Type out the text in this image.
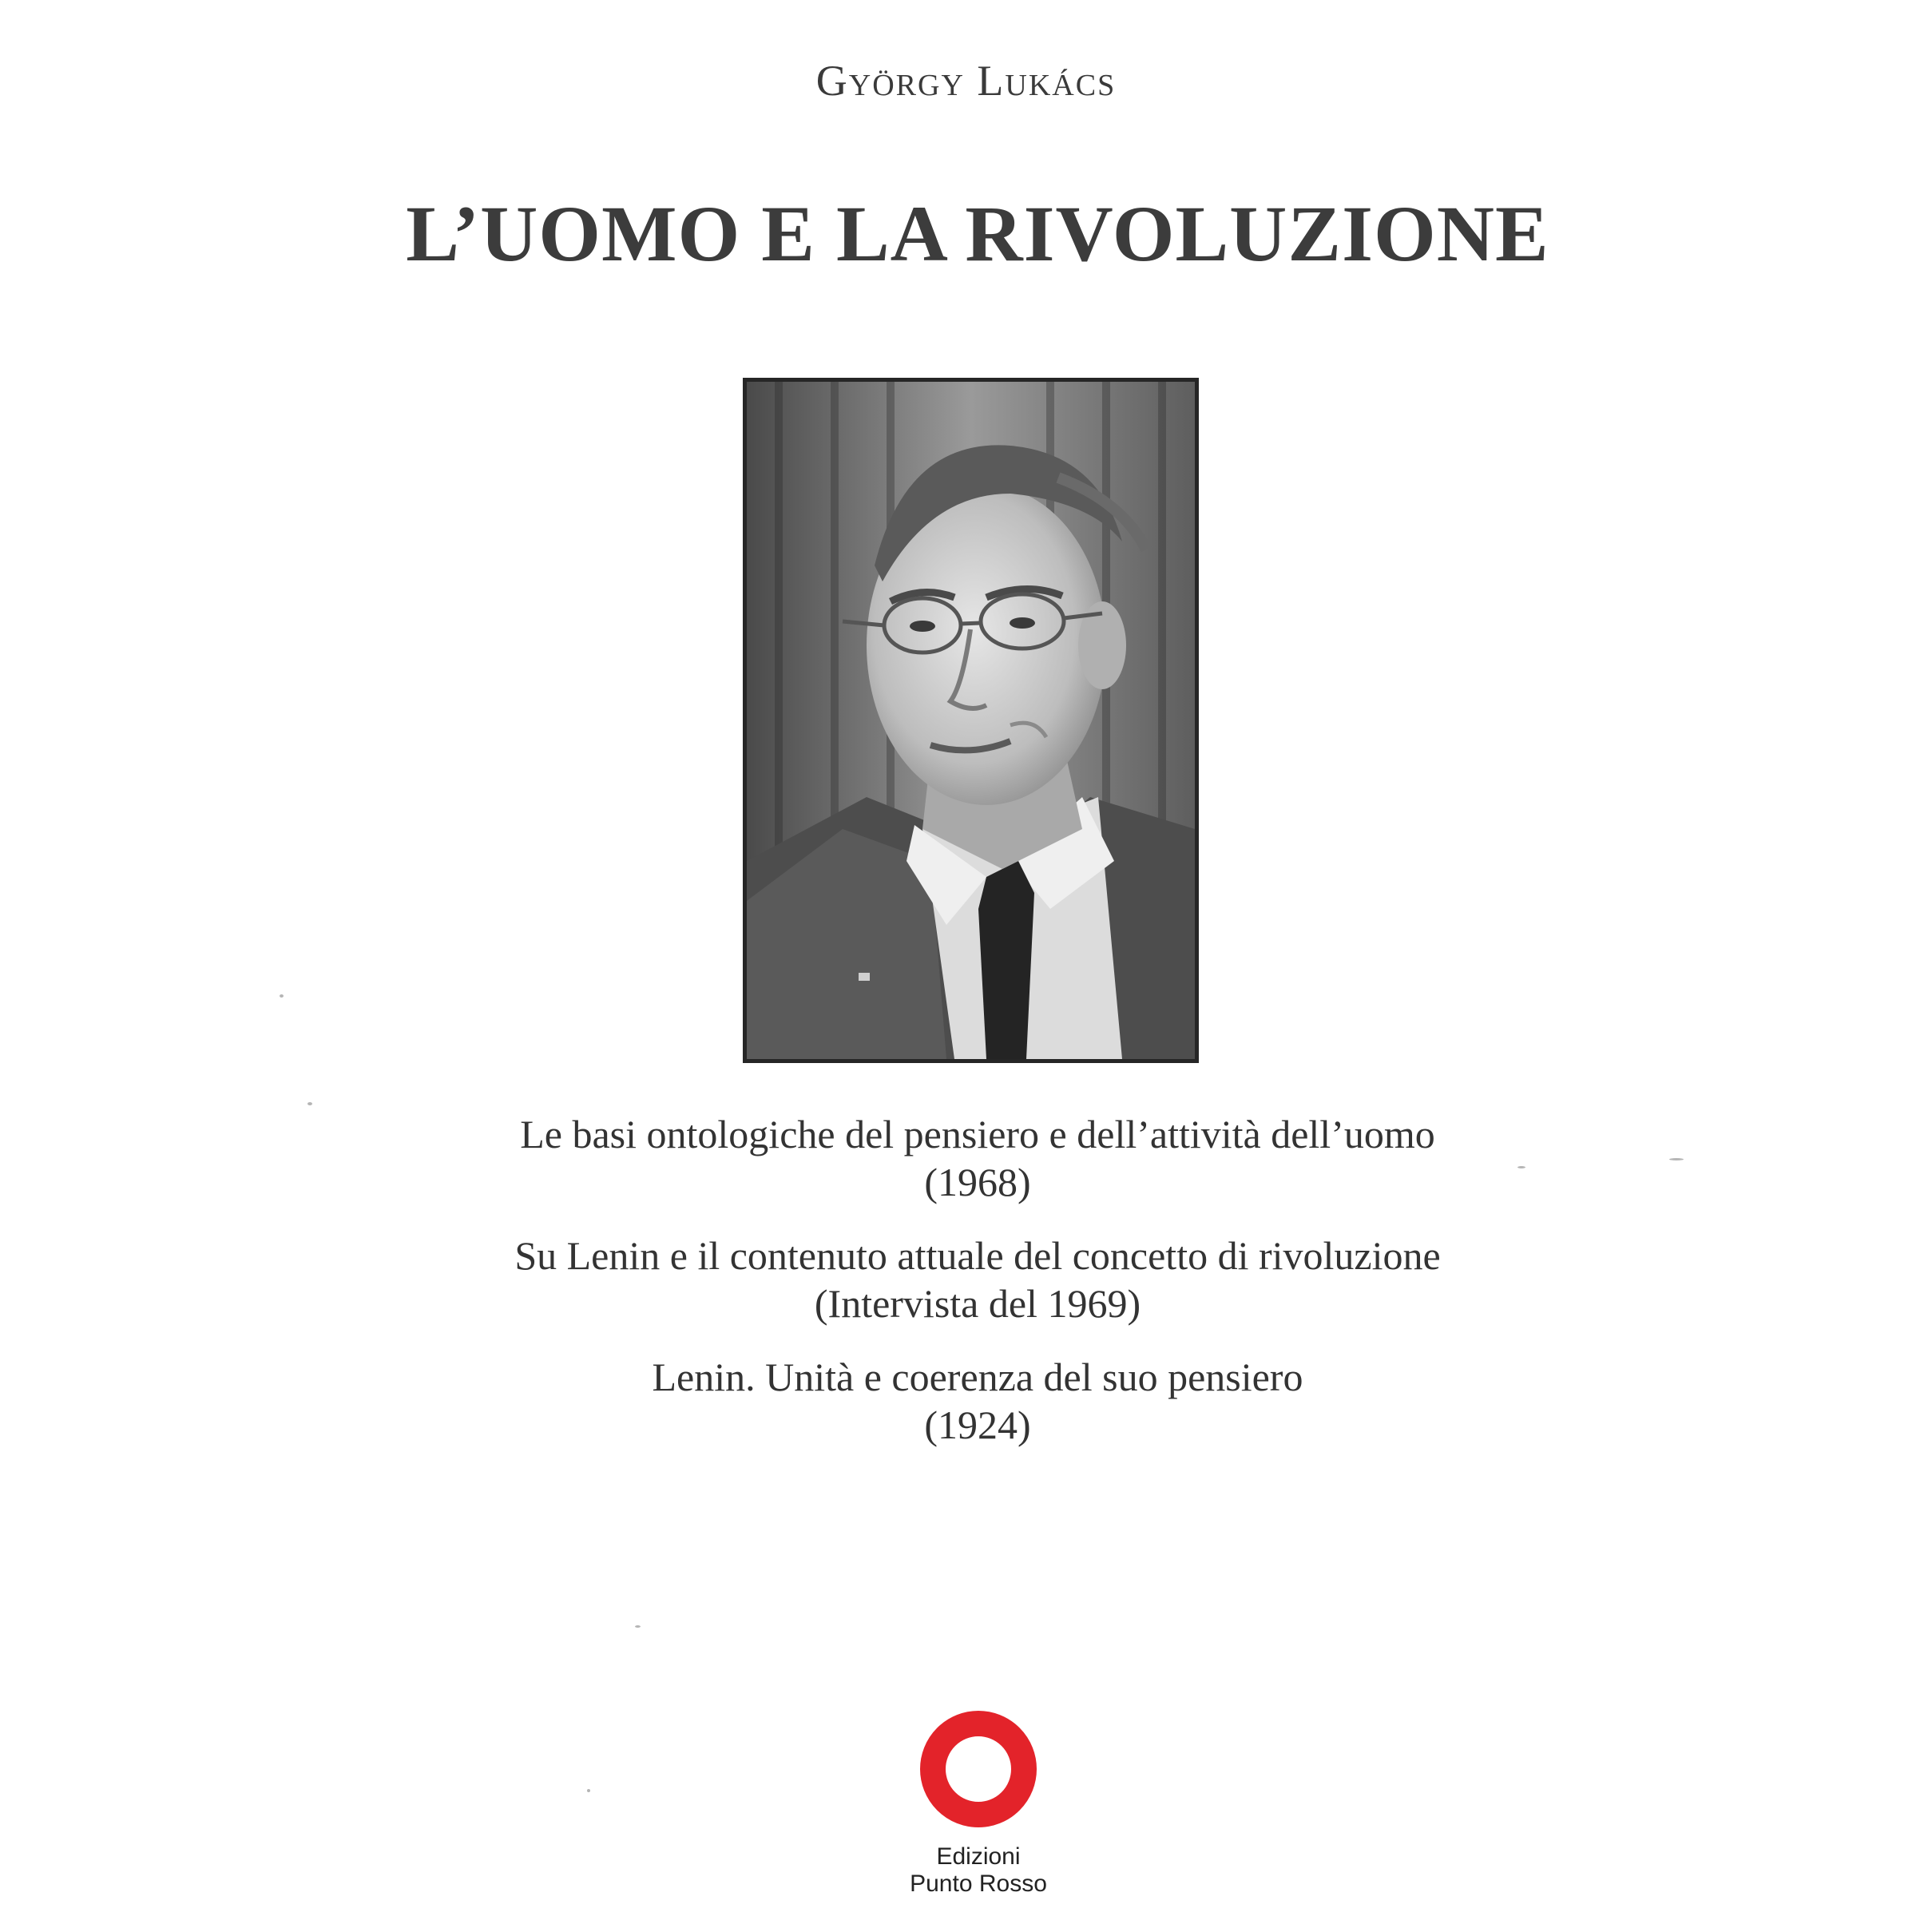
György Lukács
L’UOMO E LA RIVOLUZIONE
Le basi ontologiche del pensiero e dell’attività dell’uomo
(1968)
Su Lenin e il contenuto attuale del concetto di rivoluzione
(Intervista del 1969)
Lenin. Unità e coerenza del suo pensiero
(1924)
Edizioni
Punto Rosso
